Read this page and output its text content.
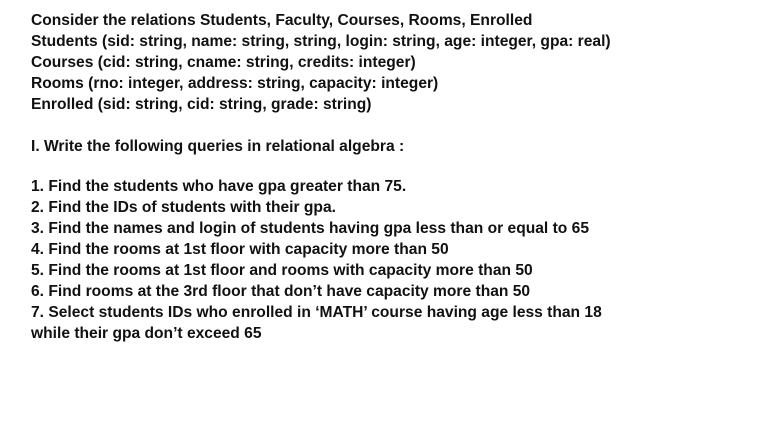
Consider the relations Students, Faculty, Courses, Rooms, Enrolled
Students (sid: string, name: string, string, login: string, age: integer, gpa: real)
Courses (cid: string, cname: string, credits: integer)
Rooms (rno: integer, address: string, capacity: integer)
Enrolled (sid: string, cid: string, grade: string)
I. Write the following queries in relational algebra :
1. Find the students who have gpa greater than 75.
2. Find the IDs of students with their gpa.
3. Find the names and login of students having gpa less than or equal to 65
4. Find the rooms at 1st floor with capacity more than 50
5. Find the rooms at 1st floor and rooms with capacity more than 50
6. Find rooms at the 3rd floor that don’t have capacity more than 50
7. Select students IDs who enrolled in ‘MATH’ course having age less than 18
while their gpa don’t exceed 65
